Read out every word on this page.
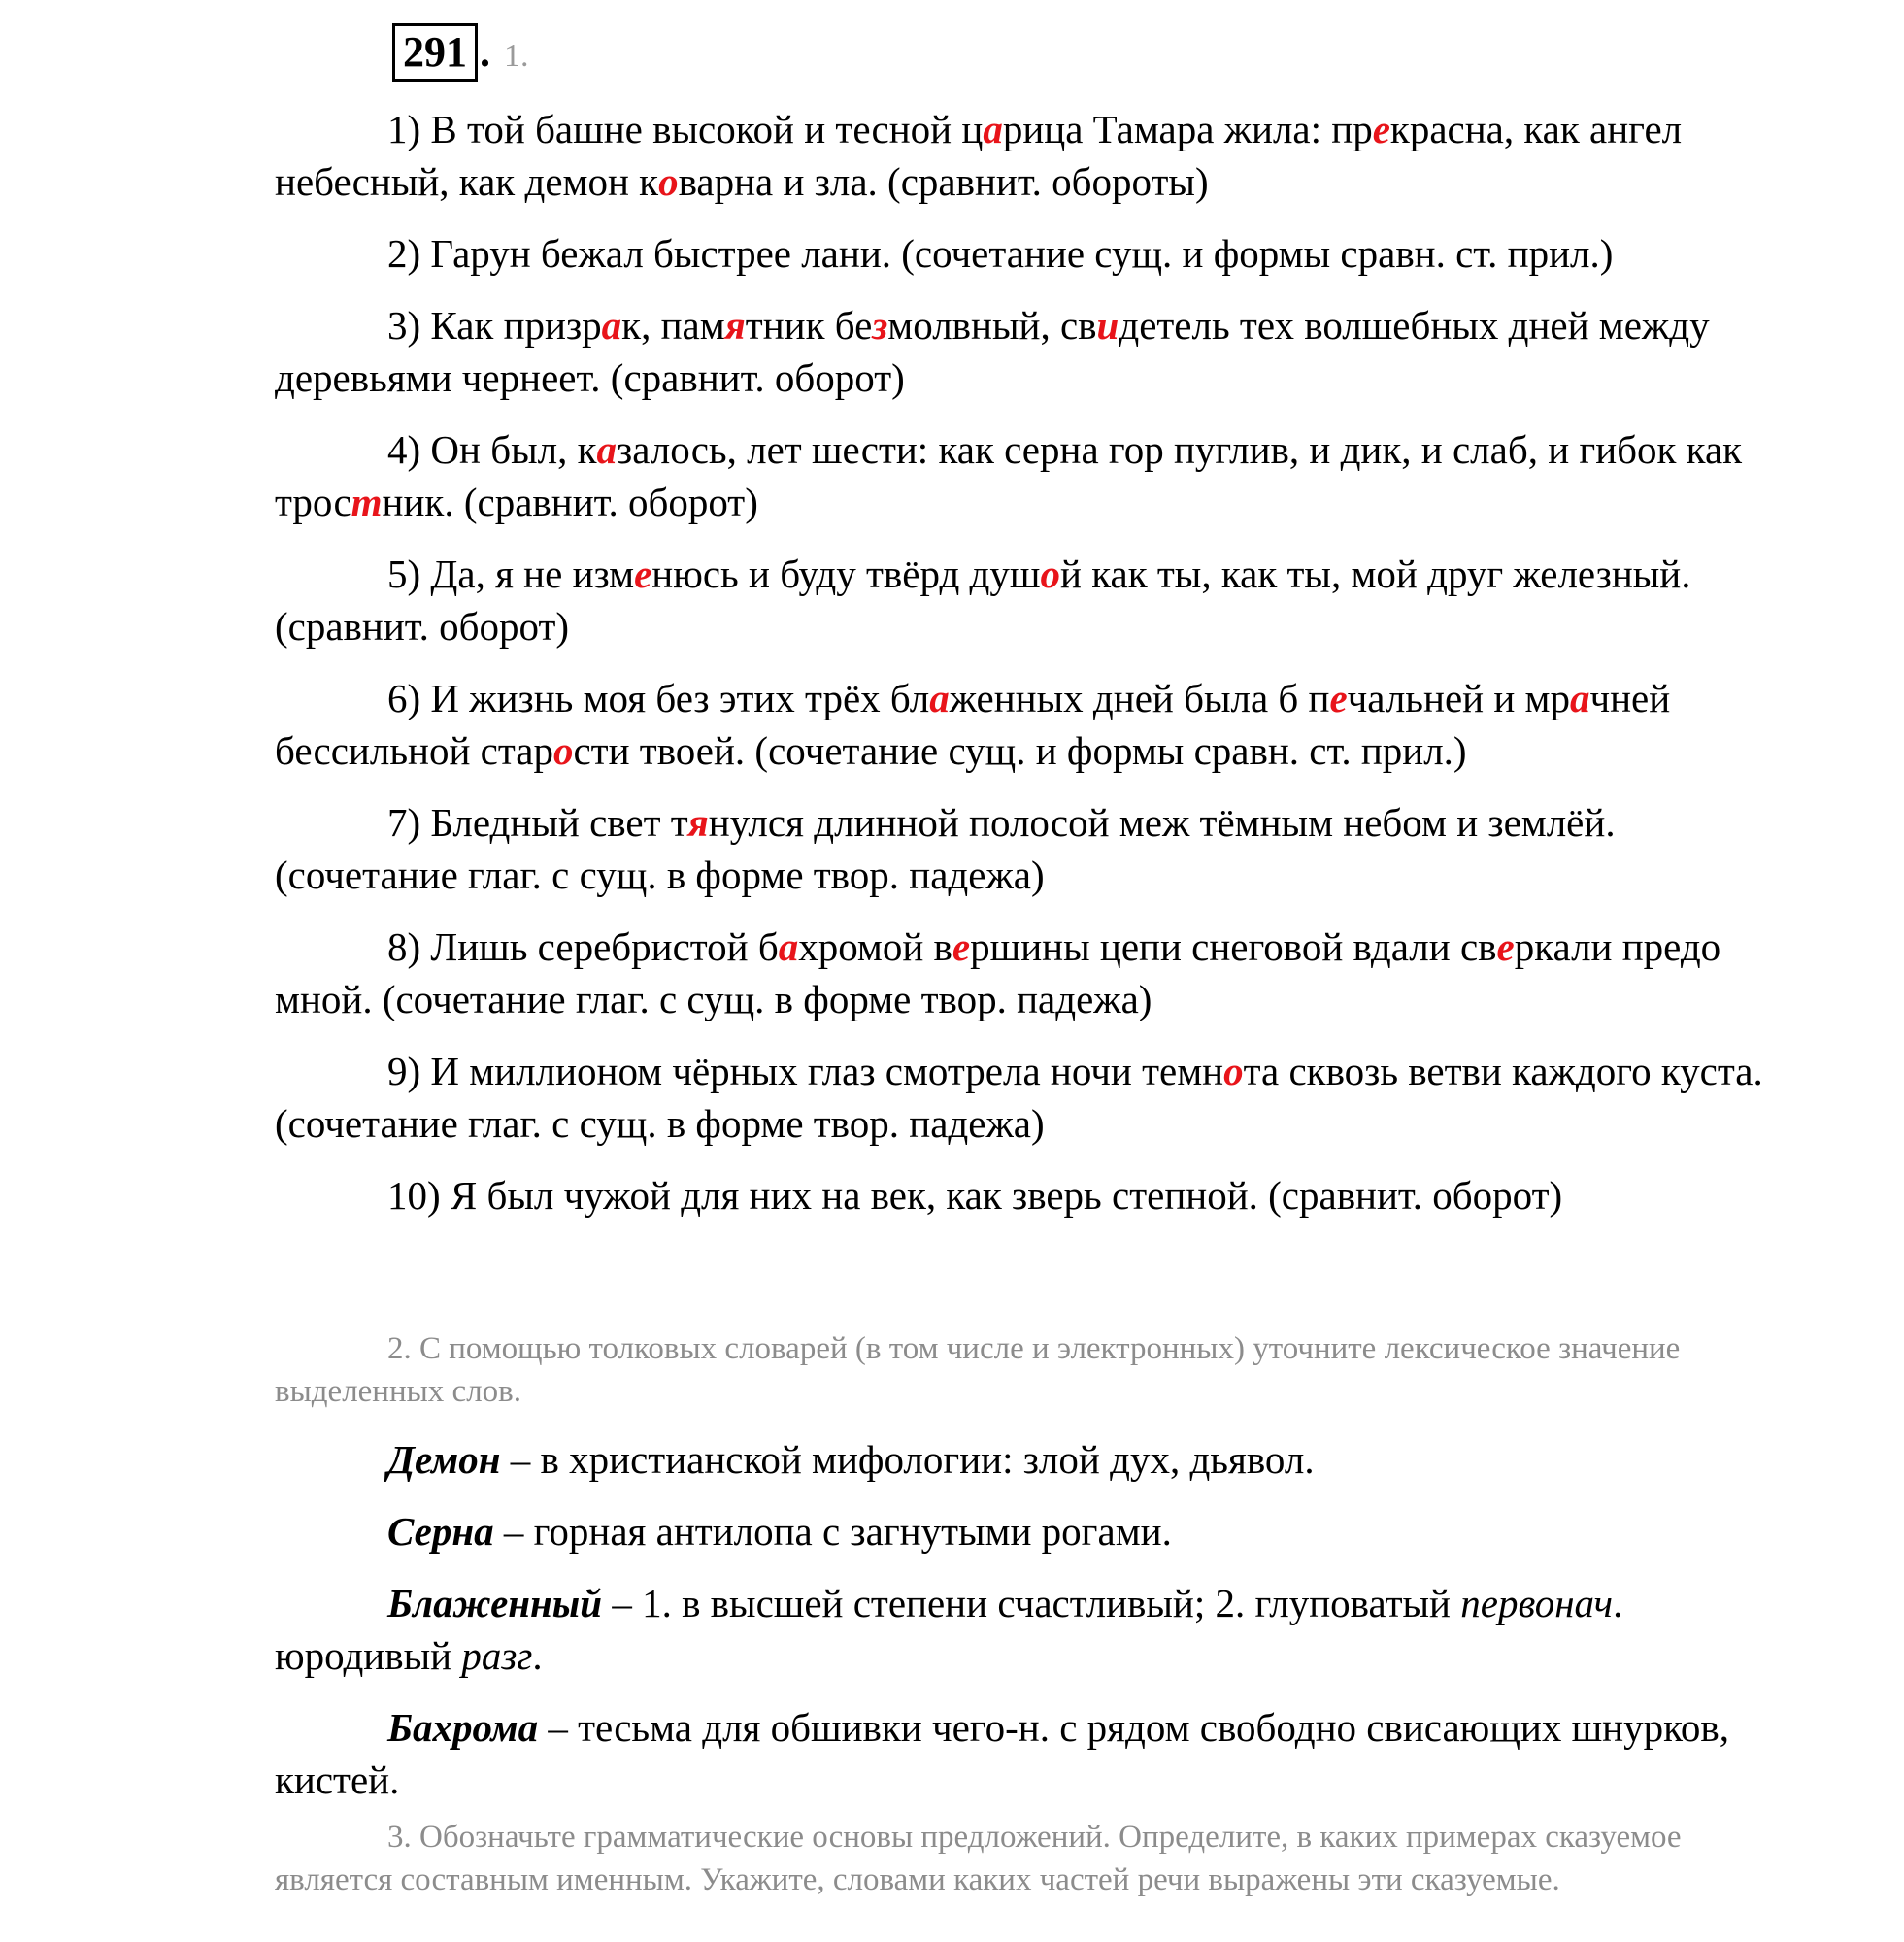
291 . 1.

1) В той башне высокой и тесной царица Тамара жила: прекрасна, как ангел небесный, как демон коварна и зла. (сравнит. обороты)

2) Гарун бежал быстрее лани. (сочетание сущ. и формы сравн. ст. прил.)

3) Как призрак, памятник безмолвный, свидетель тех волшебных дней между деревьями чернеет. (сравнит. оборот)

4) Он был, казалось, лет шести: как серна гор пуглив, и дик, и слаб, и гибок как тростник. (сравнит. оборот)

5) Да, я не изменюсь и буду твёрд душой как ты, как ты, мой друг железный. (сравнит. оборот)

6) И жизнь моя без этих трёх блаженных дней была б печальней и мрачней бессильной старости твоей. (сочетание сущ. и формы сравн. ст. прил.)

7) Бледный свет тянулся длинной полосой меж тёмным небом и землёй. (сочетание глаг. с сущ. в форме твор. падежа)

8) Лишь серебристой бахромой вершины цепи снеговой вдали сверкали предо мной. (сочетание глаг. с сущ. в форме твор. падежа)

9) И миллионом чёрных глаз смотрела ночи темнота сквозь ветви каждого куста. (сочетание глаг. с сущ. в форме твор. падежа)

10) Я был чужой для них на век, как зверь степной. (сравнит. оборот)

2. С помощью толковых словарей (в том числе и электронных) уточните лексическое значение выделенных слов.

Демон – в христианской мифологии: злой дух, дьявол.

Серна – горная антилопа с загнутыми рогами.

Блаженный – 1. в высшей степени счастливый; 2. глуповатый первонач. юродивый разг.

Бахрома – тесьма для обшивки чего-н. с рядом свободно свисающих шнурков, кистей.

3. Обозначьте грамматические основы предложений. Определите, в каких примерах сказуемое является составным именным. Укажите, словами каких частей речи выражены эти сказуемые.
